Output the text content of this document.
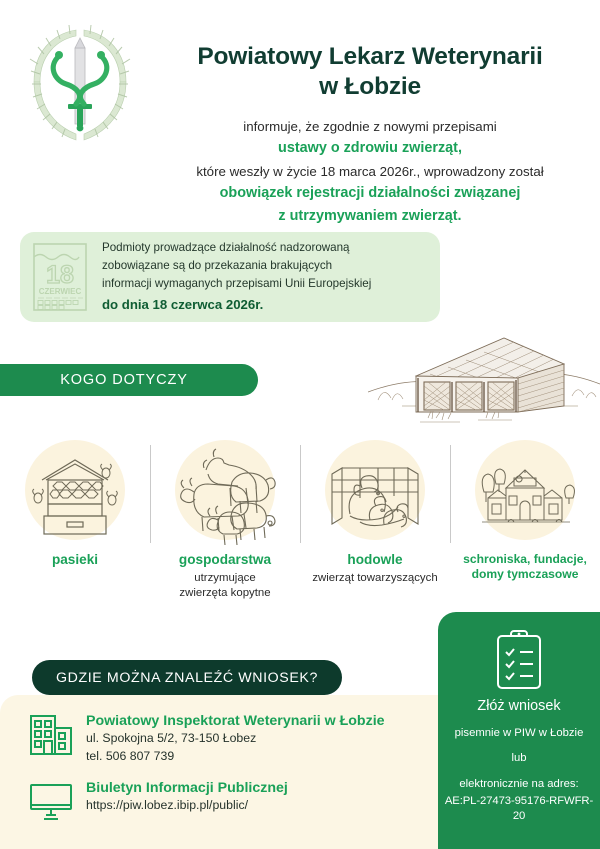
Powiatowy Lekarz Weterynarii
w Łobzie
informuje, że zgodnie z nowymi przepisami
ustawy o zdrowiu zwierząt,
które weszły w życie 18 marca 2026r., wprowadzony został
obowiązek rejestracji działalności związanej
z utrzymywaniem zwierząt.
18
CZERWIEC
Podmioty prowadzące działalność nadzorowaną
zobowiązane są do przekazania brakujących
informacji wymaganych przepisami Unii Europejskiej
do dnia 18 czerwca 2026r.
KOGO DOTYCZY
pasieki	gospodarstwa
utrzymujące
zwierzęta kopytne
hodowle
zwierząt towarzyszących
schroniska, fundacje,
domy tymczasowe
GDZIE MOŻNA ZNALEŹĆ WNIOSEK?
Powiatowy Inspektorat Weterynarii w Łobzie
ul. Spokojna 5/2, 73-150 Łobez
tel. 506 807 739
Biuletyn Informacji Publicznej
https://piw.lobez.ibip.pl/public/
Złóż wniosek
pisemnie w PIW w Łobzie
lub
elektronicznie na adres:
AE:PL-27473-95176-RFWFR-20
